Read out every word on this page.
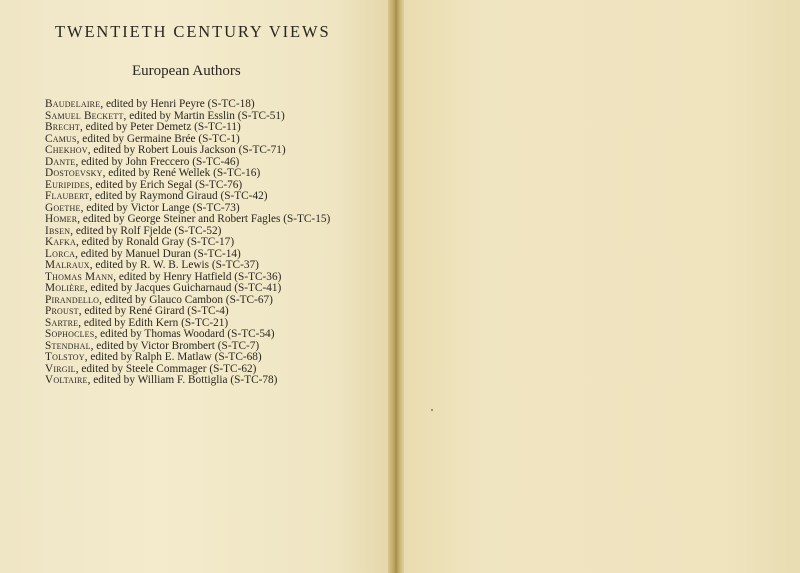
TWENTIETH CENTURY VIEWS
European Authors
Baudelaire, edited by Henri Peyre (S-TC-18)
Samuel Beckett, edited by Martin Esslin (S-TC-51)
Brecht, edited by Peter Demetz (S-TC-11)
Camus, edited by Germaine Brée (S-TC-1)
Chekhov, edited by Robert Louis Jackson (S-TC-71)
Dante, edited by John Freccero (S-TC-46)
Dostoevsky, edited by René Wellek (S-TC-16)
Euripides, edited by Erich Segal (S-TC-76)
Flaubert, edited by Raymond Giraud (S-TC-42)
Goethe, edited by Victor Lange (S-TC-73)
Homer, edited by George Steiner and Robert Fagles (S-TC-15)
Ibsen, edited by Rolf Fjelde (S-TC-52)
Kafka, edited by Ronald Gray (S-TC-17)
Lorca, edited by Manuel Duran (S-TC-14)
Malraux, edited by R. W. B. Lewis (S-TC-37)
Thomas Mann, edited by Henry Hatfield (S-TC-36)
Molière, edited by Jacques Guicharnaud (S-TC-41)
Pirandello, edited by Glauco Cambon (S-TC-67)
Proust, edited by René Girard (S-TC-4)
Sartre, edited by Edith Kern (S-TC-21)
Sophocles, edited by Thomas Woodard (S-TC-54)
Stendhal, edited by Victor Brombert (S-TC-7)
Tolstoy, edited by Ralph E. Matlaw (S-TC-68)
Virgil, edited by Steele Commager (S-TC-62)
Voltaire, edited by William F. Bottiglia (S-TC-78)
